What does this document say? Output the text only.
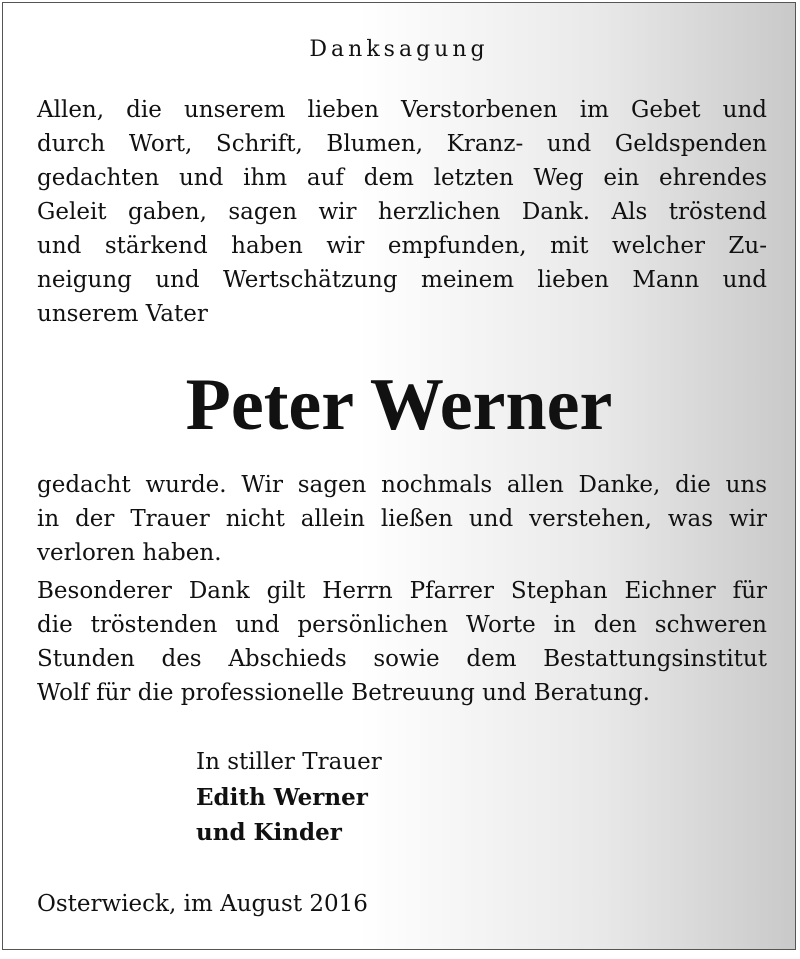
Danksagung

Allen, die unserem lieben Verstorbenen im Gebet und
durch Wort, Schrift, Blumen, Kranz- und Geldspenden
gedachten und ihm auf dem letzten Weg ein ehrendes
Geleit gaben, sagen wir herzlichen Dank. Als tröstend
und stärkend haben wir empfunden, mit welcher Zu-
neigung und Wertschätzung meinem lieben Mann und
unserem Vater

Peter Werner

gedacht wurde. Wir sagen nochmals allen Danke, die uns
in der Trauer nicht allein ließen und verstehen, was wir
verloren haben.

Besonderer Dank gilt Herrn Pfarrer Stephan Eichner für
die tröstenden und persönlichen Worte in den schweren
Stunden des Abschieds sowie dem Bestattungsinstitut
Wolf für die professionelle Betreuung und Beratung.

In stiller Trauer
Edith Werner
und Kinder
Osterwieck, im August 2016
